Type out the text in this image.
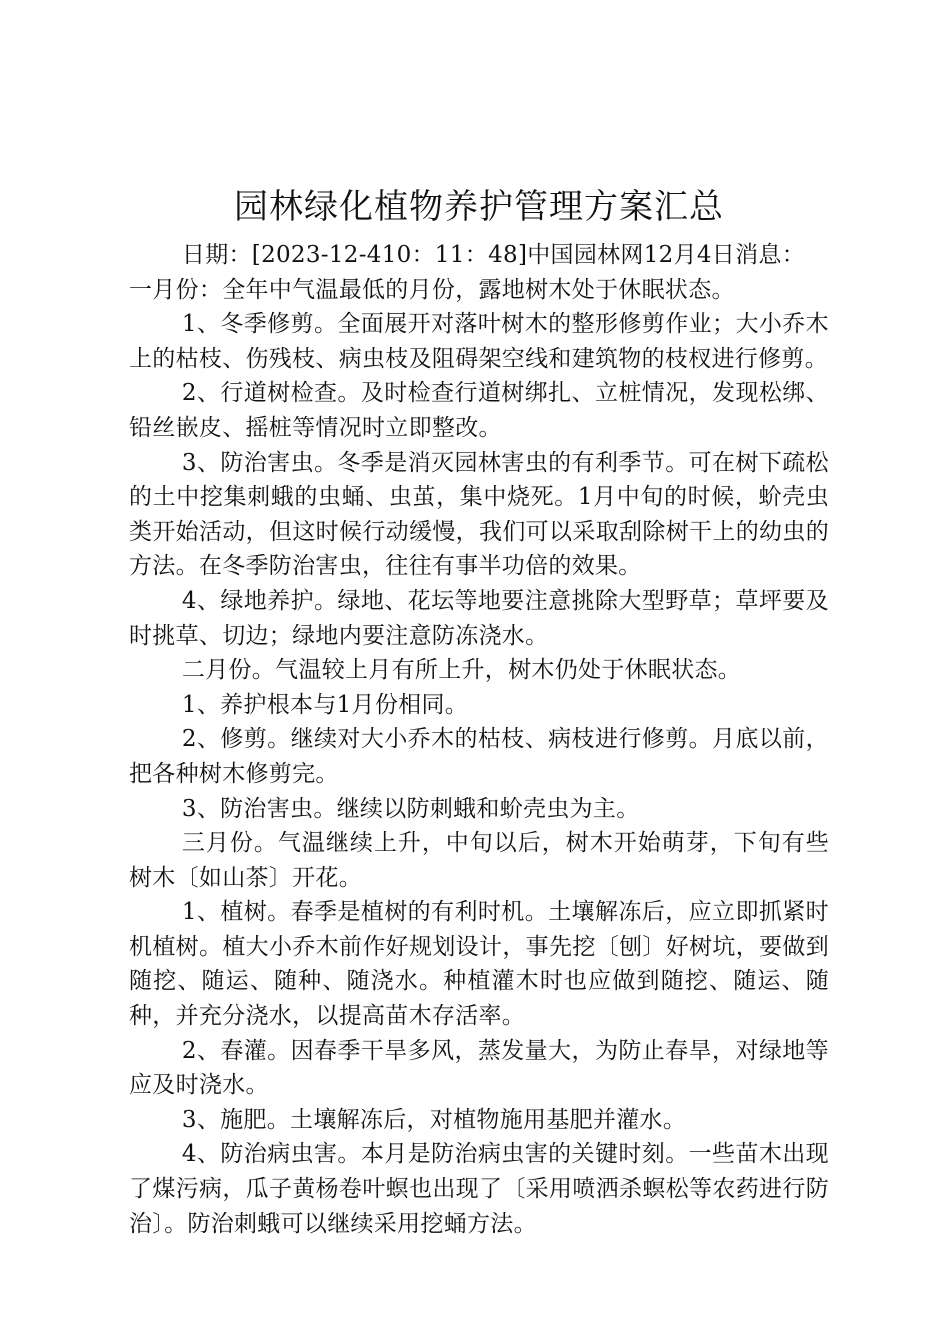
园林绿化植物养护管理方案汇总

日期：[2023-12-410：11：48]中国园林网12月4日消息：

一月份：全年中气温最低的月份，露地树木处于休眠状态。

1、冬季修剪。全面展开对落叶树木的整形修剪作业；大小乔木上的枯枝、伤残枝、病虫枝及阻碍架空线和建筑物的枝杈进行修剪。

2、行道树检查。及时检查行道树绑扎、立桩情况，发现松绑、铅丝嵌皮、摇桩等情况时立即整改。

3、防治害虫。冬季是消灭园林害虫的有利季节。可在树下疏松的土中挖集刺蛾的虫蛹、虫茧，集中烧死。1月中旬的时候，蚧壳虫类开始活动，但这时候行动缓慢，我们可以采取刮除树干上的幼虫的方法。在冬季防治害虫，往往有事半功倍的效果。

4、绿地养护。绿地、花坛等地要注意挑除大型野草；草坪要及时挑草、切边；绿地内要注意防冻浇水。

二月份。气温较上月有所上升，树木仍处于休眠状态。

1、养护根本与1月份相同。

2、修剪。继续对大小乔木的枯枝、病枝进行修剪。月底以前，把各种树木修剪完。

3、防治害虫。继续以防刺蛾和蚧壳虫为主。

三月份。气温继续上升，中旬以后，树木开始萌芽，下旬有些树木〔如山茶〕开花。

1、植树。春季是植树的有利时机。土壤解冻后，应立即抓紧时机植树。植大小乔木前作好规划设计，事先挖〔刨〕好树坑，要做到随挖、随运、随种、随浇水。种植灌木时也应做到随挖、随运、随种，并充分浇水，以提高苗木存活率。

2、春灌。因春季干旱多风，蒸发量大，为防止春旱，对绿地等应及时浇水。

3、施肥。土壤解冻后，对植物施用基肥并灌水。

4、防治病虫害。本月是防治病虫害的关键时刻。一些苗木出现了煤污病，瓜子黄杨卷叶螟也出现了〔采用喷洒杀螟松等农药进行防治〕。防治刺蛾可以继续采用挖蛹方法。
